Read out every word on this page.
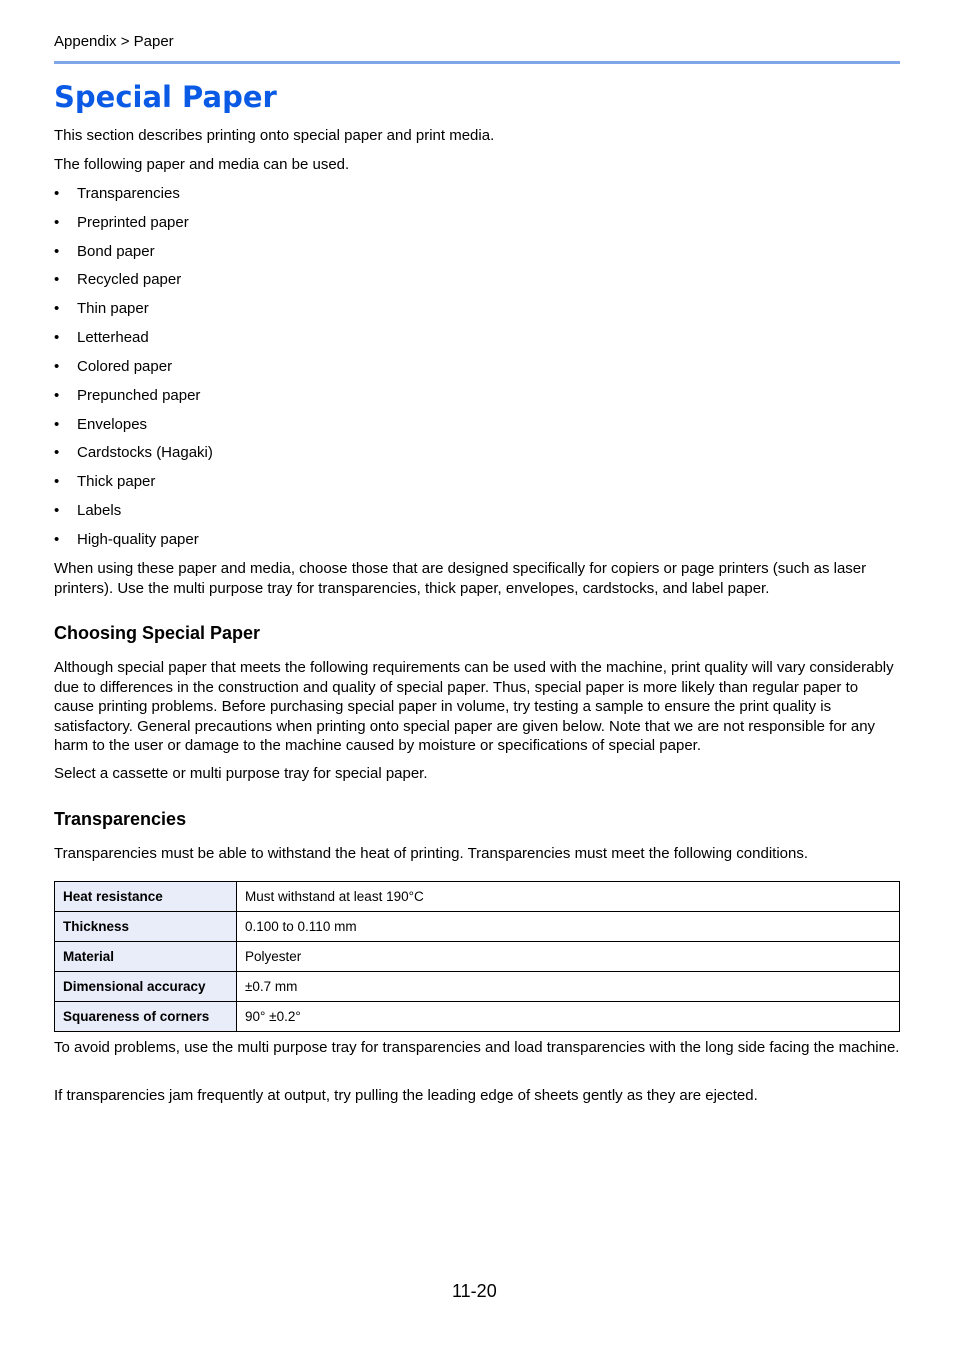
Appendix > Paper
Special Paper

This section describes printing onto special paper and print media.

The following paper and media can be used.

• Transparencies
• Preprinted paper
• Bond paper
• Recycled paper
• Thin paper
• Letterhead
• Colored paper
• Prepunched paper
• Envelopes
• Cardstocks (Hagaki)
• Thick paper
• Labels
• High-quality paper

When using these paper and media, choose those that are designed specifically for copiers or page printers (such as laser printers). Use the multi purpose tray for transparencies, thick paper, envelopes, cardstocks, and label paper.

Choosing Special Paper

Although special paper that meets the following requirements can be used with the machine, print quality will vary considerably due to differences in the construction and quality of special paper. Thus, special paper is more likely than regular paper to cause printing problems. Before purchasing special paper in volume, try testing a sample to ensure the print quality is satisfactory. General precautions when printing onto special paper are given below. Note that we are not responsible for any harm to the user or damage to the machine caused by moisture or specifications of special paper.

Select a cassette or multi purpose tray for special paper.

Transparencies

Transparencies must be able to withstand the heat of printing. Transparencies must meet the following conditions.

Heat resistance	Must withstand at least 190°C
Thickness	0.100 to 0.110 mm
Material	Polyester
Dimensional accuracy	±0.7 mm
Squareness of corners	90° ±0.2°

To avoid problems, use the multi purpose tray for transparencies and load transparencies with the long side facing the machine.

If transparencies jam frequently at output, try pulling the leading edge of sheets gently as they are ejected.

11-20
